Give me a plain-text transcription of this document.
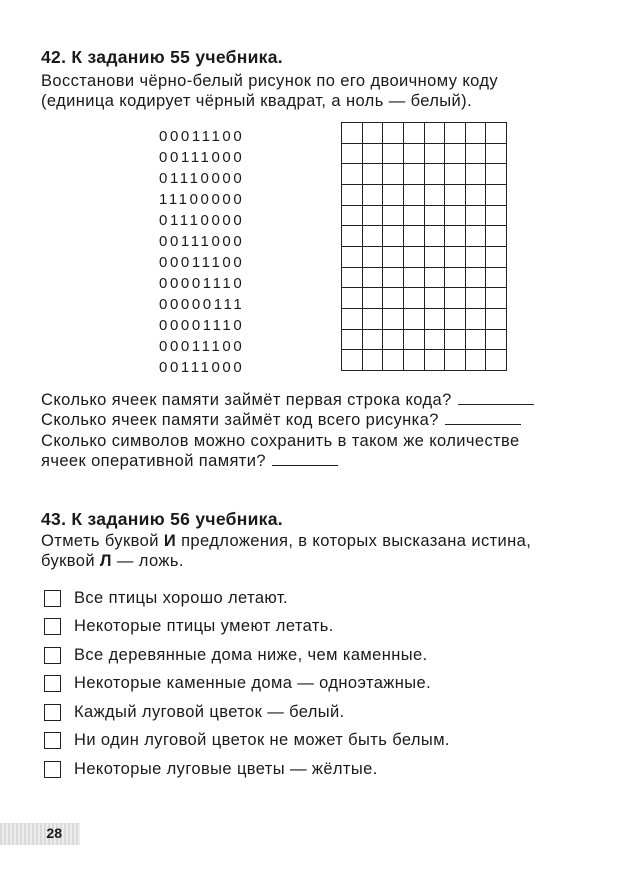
42. К заданию 55 учебника.
Восстанови чёрно-белый рисунок по его двоичному коду
(единица кодирует чёрный квадрат, а ноль — белый).
00011100
00111000
01110000
11100000
01110000
00111000
00011100
00001110
00000111
00001110
00011100
00111000
Сколько ячеек памяти займёт первая строка кода?
Сколько ячеек памяти займёт код всего рисунка?
Сколько символов можно сохранить в таком же количестве
ячеек оперативной памяти?
43. К заданию 56 учебника.
Отметь буквой И предложения, в которых высказана истина,
буквой Л — ложь.
Все птицы хорошо летают.
Некоторые птицы умеют летать.
Все деревянные дома ниже, чем каменные.
Некоторые каменные дома — одноэтажные.
Каждый луговой цветок — белый.
Ни один луговой цветок не может быть белым.
Некоторые луговые цветы — жёлтые.
28
